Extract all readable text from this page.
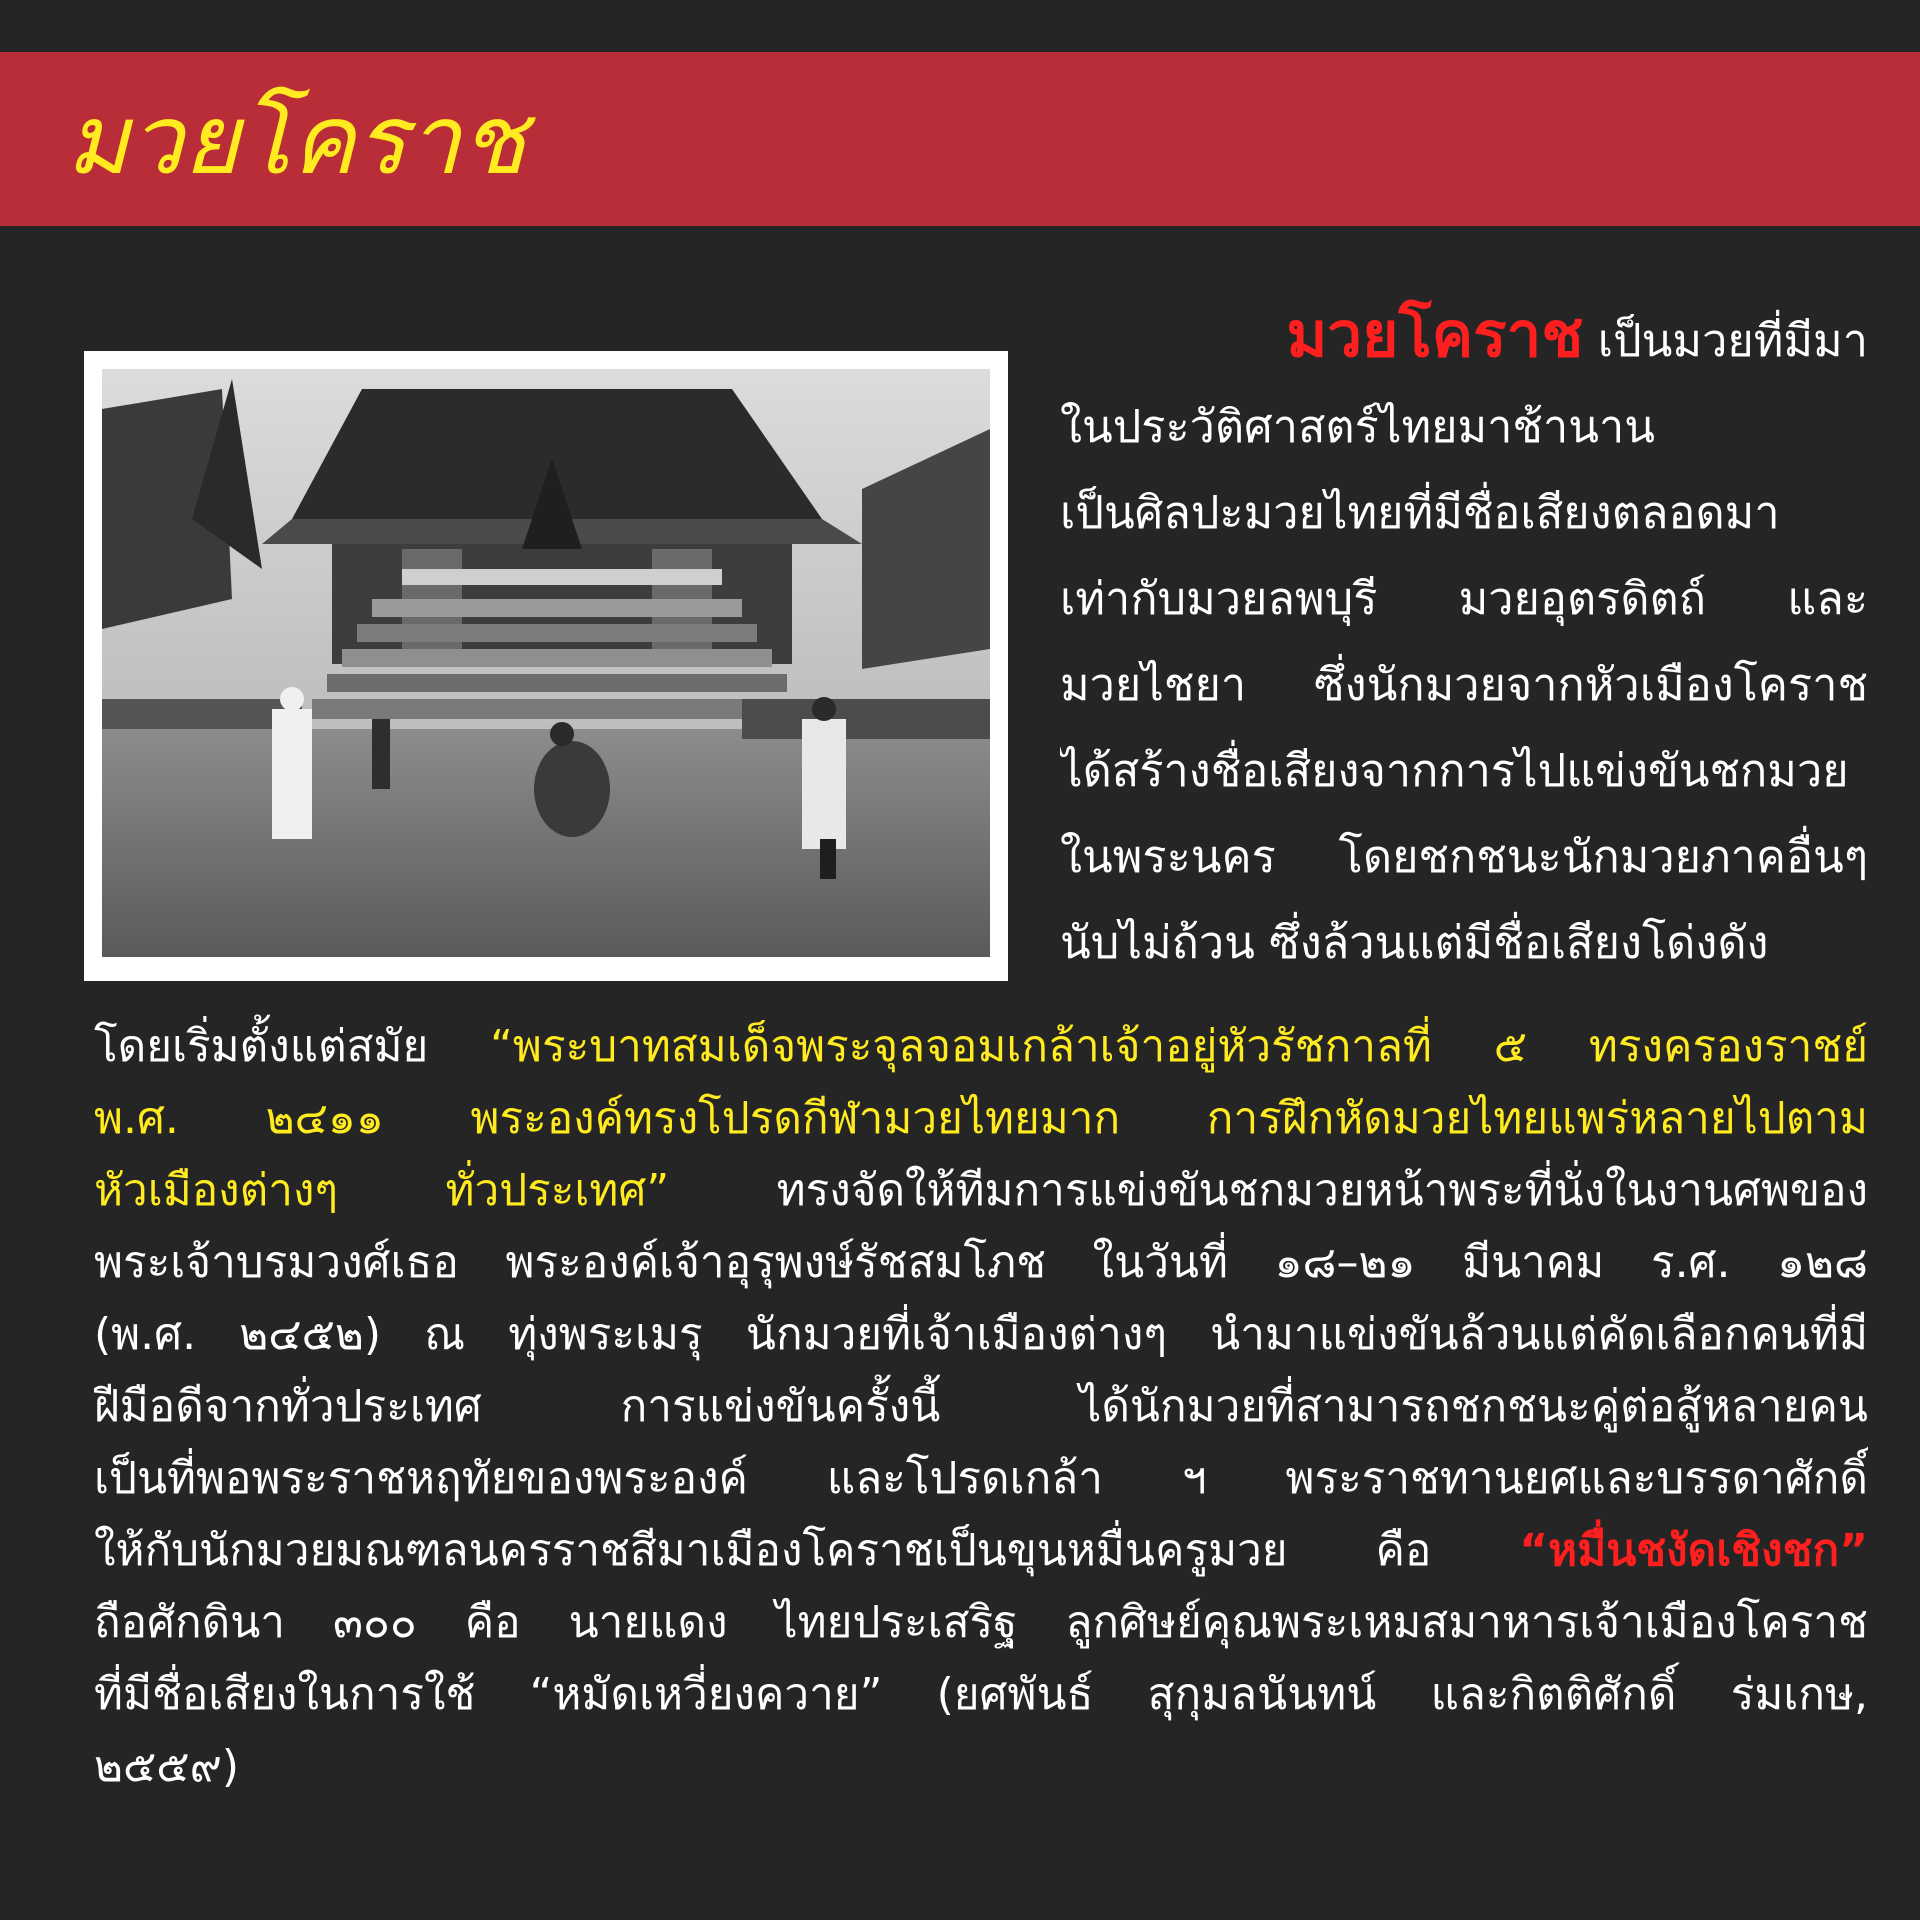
มวยโคราช
มวยโคราช เป็นมวยที่มีมา
ในประวัติศาสตร์ไทยมาช้านาน
เป็นศิลปะมวยไทยที่มีชื่อเสียงตลอดมา
เท่ากับมวยลพบุรี มวยอุตรดิตถ์ และ
มวยไชยา ซึ่งนักมวยจากหัวเมืองโคราช
ได้สร้างชื่อเสียงจากการไปแข่งขันชกมวย
ในพระนคร โดยชกชนะนักมวยภาคอื่นๆ
นับไม่ถ้วน ซึ่งล้วนแต่มีชื่อเสียงโด่งดัง
โดยเริ่มตั้งแต่สมัย “พระบาทสมเด็จพระจุลจอมเกล้าเจ้าอยู่หัวรัชกาลที่ ๕ ทรงครองราชย์
พ.ศ. ๒๔๑๑ พระองค์ทรงโปรดกีฬามวยไทยมาก การฝึกหัดมวยไทยแพร่หลายไปตาม
หัวเมืองต่างๆ ทั่วประเทศ” ทรงจัดให้ทีมการแข่งขันชกมวยหน้าพระที่นั่งในงานศพของ
พระเจ้าบรมวงศ์เธอ พระองค์เจ้าอุรุพงษ์รัชสมโภช ในวันที่ ๑๘–๒๑ มีนาคม ร.ศ. ๑๒๘
(พ.ศ. ๒๔๕๒) ณ ทุ่งพระเมรุ นักมวยที่เจ้าเมืองต่างๆ นำมาแข่งขันล้วนแต่คัดเลือกคนที่มี
ฝีมือดีจากทั่วประเทศ การแข่งขันครั้งนี้ ได้นักมวยที่สามารถชกชนะคู่ต่อสู้หลายคน
เป็นที่พอพระราชหฤทัยของพระองค์ และโปรดเกล้า ฯ พระราชทานยศและบรรดาศักดิ์
ให้กับนักมวยมณฑลนครราชสีมาเมืองโคราชเป็นขุนหมื่นครูมวย คือ “หมื่นชงัดเชิงชก”
ถือศักดินา ๓๐๐ คือ นายแดง ไทยประเสริฐ ลูกศิษย์คุณพระเหมสมาหารเจ้าเมืองโคราช
ที่มีชื่อเสียงในการใช้ “หมัดเหวี่ยงควาย” (ยศพันธ์ สุกุมลนันทน์ และกิตติศักดิ์ ร่มเกษ,
๒๕๕๙)
